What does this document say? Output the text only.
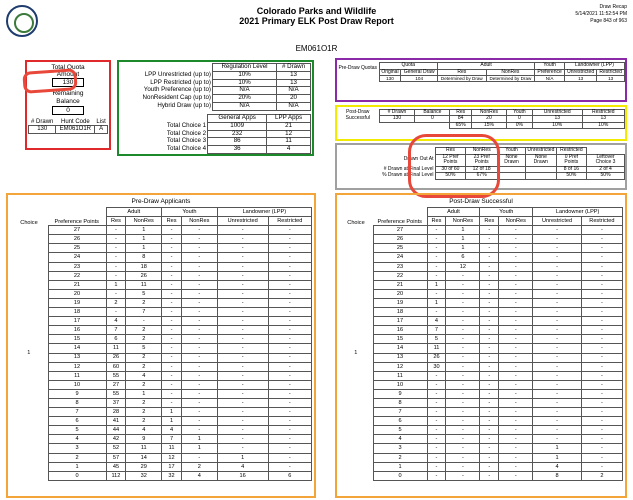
Colorado Parks and Wildlife
2021 Primary ELK Post Draw Report
Draw Recap
5/14/2021 11:52:54 PM
Page 843 of 963
EM061O1R
Total Quota
Amount
130
Remaining Balance
0
# Drawn	Hunt Code	List
130	EM061O1R	A
	Regulation Level	# Drawn
LPP Unrestricted (up to)	10%	13
LPP Restricted (up to)	10%	13
Youth Preference (up to)	N/A	N/A
NonResident Cap (up to)	20%	20
Hybrid Draw (up to)	N/A	N/A
	General Apps	LPP Apps
Total Choice 1	1009	21
Total Choice 2	232	12
Total Choice 3	86	11
Total Choice 4	36	4
Pre-Draw Quotas	Quota		Adult		Youth	Landowner (LPP)	
	Original	General Draw	Res	NonRes	Preference	Unrestricted	Restricted
	130	104	Determined by Draw	Determined by Draw	N/A	13	13
Post-Draw Successful							
	# Drawn	Balance	Res	NonRes	Youth	Unrestricted	Restricted
	130	0	84	20	0	13	13
			65%	15%	0%	10%	10%
	Res	NonRes	Youth	Unrestricted	Restricted	
Drawn Out At	12 Pref Points	23 Pref Points	None Drawn	None Drawn	0 Pref Points	Leftover Choice 3
# Drawn at Final Level	30 of 60	12 of 18			8 of 16	2 of 4
% Drawn at Final Level	50%	67%			50%	50%
Pre-Draw Applicants
Choice	Preference Points	Adult		Youth		Landowner (LPP)	
		Res	NonRes	Res	NonRes	Unrestricted	Restricted
1	27	-	1	-	-	-	-
	26	-	1	-	-	-	-
	25	-	1	-	-	-	-
	24	-	8	-	-	-	-
	23	-	18	-	-	-	-
	22	-	26	-	-	-	-
	21	1	11	-	-	-	-
	20	-	5	-	-	-	-
	19	2	2	-	-	-	-
	18	-	7	-	-	-	-
	17	4	-	-	-	-	-
	16	7	2	-	-	-	-
	15	6	2	-	-	-	-
	14	11	5	-	-	-	-
	13	26	2	-	-	-	-
	12	60	2	-	-	-	-
	11	55	4	-	-	-	-
	10	27	2	-	-	-	-
	9	55	1	-	-	-	-
	8	37	2	-	-	-	-
	7	28	2	1	-	-	-
	6	41	2	1	-	-	-
	5	44	4	4	-	-	-
	4	42	9	7	1	-	-
	3	52	11	11	1	-	-
	2	57	14	12	-	1	-
	1	45	29	17	2	4	-
	0	112	32	32	4	16	6
Post-Draw Successful
Choice	Preference Points	Adult		Youth		Landowner (LPP)	
		Res	NonRes	Res	NonRes	Unrestricted	Restricted
1	27	-	1	-	-	-	-
	26	-	1	-	-	-	-
	25	-	1	-	-	-	-
	24	-	6	-	-	-	-
	23	-	12	-	-	-	-
	22	-	-	-	-	-	-
	21	1	-	-	-	-	-
	20	-	-	-	-	-	-
	19	1	-	-	-	-	-
	18	-	-	-	-	-	-
	17	4	-	-	-	-	-
	16	7	-	-	-	-	-
	15	5	-	-	-	-	-
	14	11	-	-	-	-	-
	13	26	-	-	-	-	-
	12	30	-	-	-	-	-
	11	-	-	-	-	-	-
	10	-	-	-	-	-	-
	9	-	-	-	-	-	-
	8	-	-	-	-	-	-
	7	-	-	-	-	-	-
	6	-	-	-	-	-	-
	5	-	-	-	-	-	-
	4	-	-	-	-	-	-
	3	-	-	-	-	1	-
	2	-	-	-	-	1	-
	1	-	-	-	-	4	-
	0	-	-	-	-	8	2
